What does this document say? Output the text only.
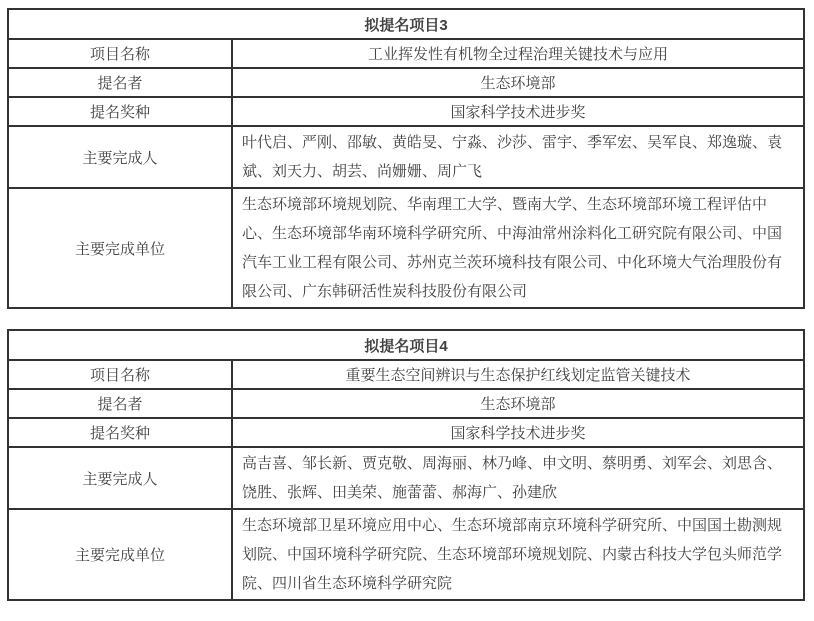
拟提名项目3	
项目名称	工业挥发性有机物全过程治理关键技术与应用
提名者	生态环境部
提名奖种	国家科学技术进步奖
主要完成人	叶代启、严刚、邵敏、黄皓旻、宁淼、沙莎、雷宇、季军宏、吴军良、郑逸璇、袁斌、刘天力、胡芸、尚姗姗、周广飞
主要完成单位	生态环境部环境规划院、华南理工大学、暨南大学、生态环境部环境工程评估中心、生态环境部华南环境科学研究所、中海油常州涂料化工研究院有限公司、中国汽车工业工程有限公司、苏州克兰茨环境科技有限公司、中化环境大气治理股份有限公司、广东韩研活性炭科技股份有限公司
拟提名项目4	
项目名称	重要生态空间辨识与生态保护红线划定监管关键技术
提名者	生态环境部
提名奖种	国家科学技术进步奖
主要完成人	高吉喜、邹长新、贾克敬、周海丽、林乃峰、申文明、蔡明勇、刘军会、刘思含、饶胜、张辉、田美荣、施蕾蕾、郝海广、孙建欣
主要完成单位	生态环境部卫星环境应用中心、生态环境部南京环境科学研究所、中国国土勘测规划院、中国环境科学研究院、生态环境部环境规划院、内蒙古科技大学包头师范学院、四川省生态环境科学研究院
